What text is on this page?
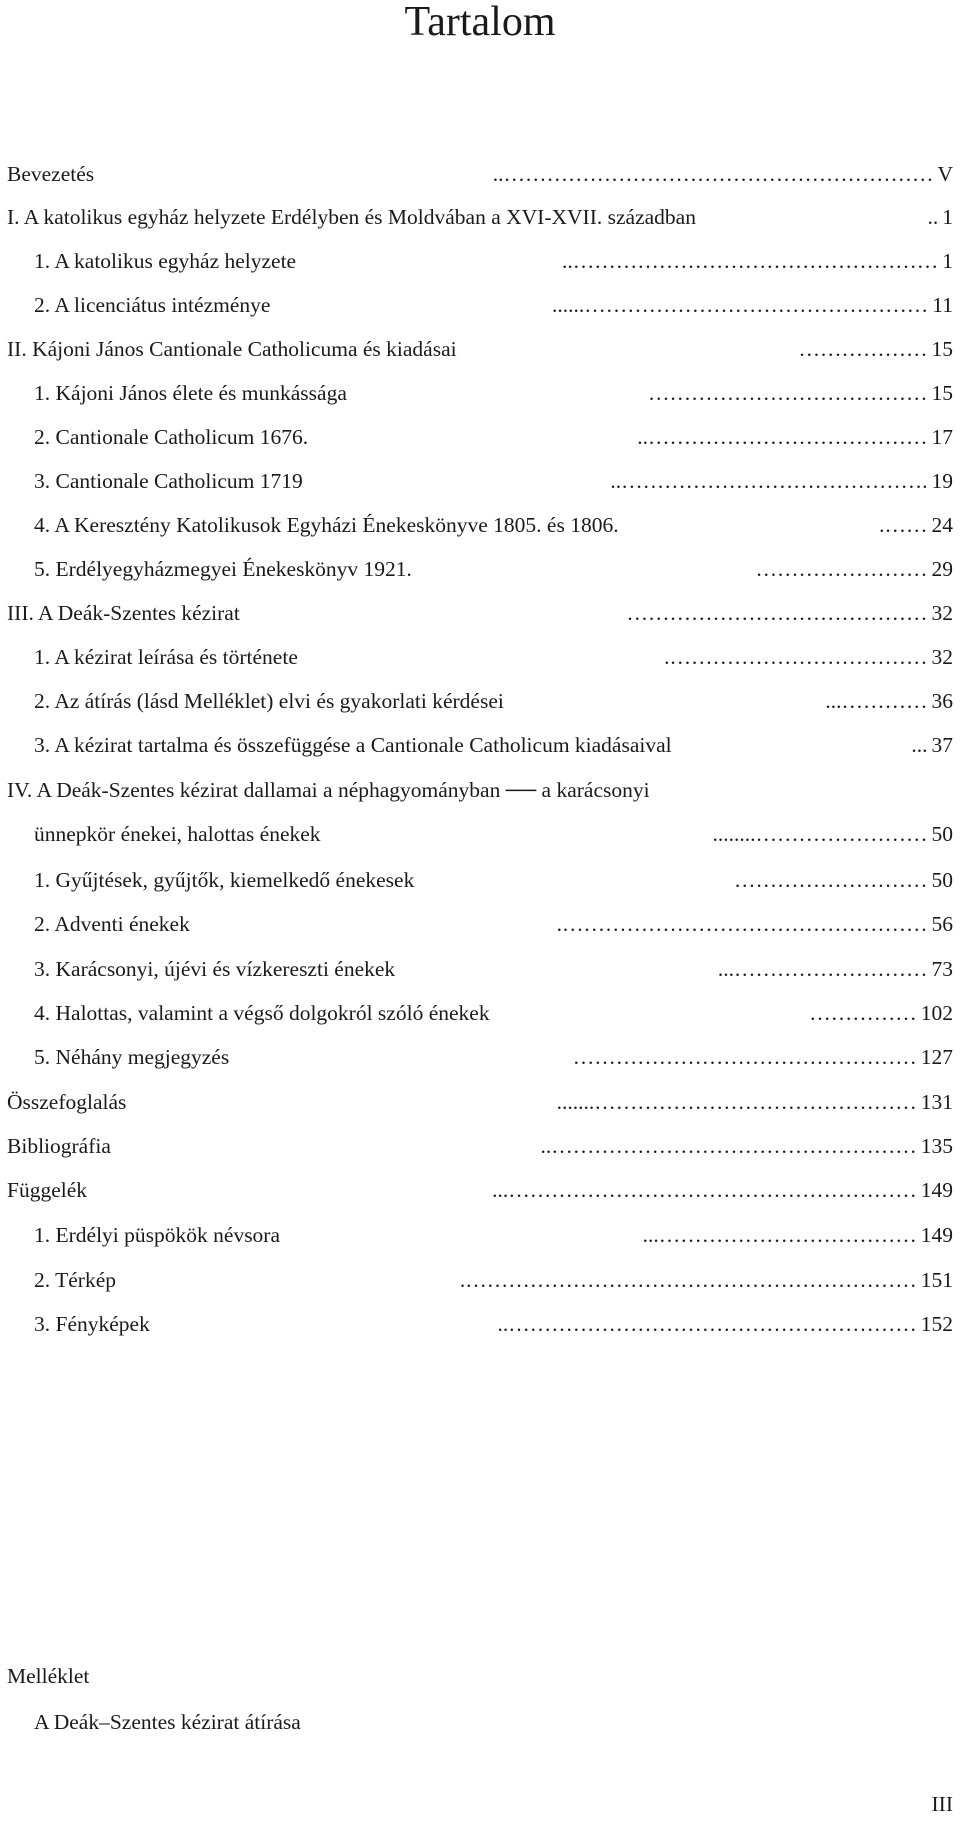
Tartalom
Bevezetés	V
……………………………………………………..
I. A katolikus egyház helyzete Erdélyben és Moldvában a XVI-XVII. században	1
..
1. A katolikus egyház helyzete	1
……………………………………………..
2. A licenciátus intézménye	11
…………………………………………......
II. Kájoni János Cantionale Catholicuma és kiadásai	15
………………
1. Kájoni János élete és munkássága	15
…………………………………
2. Cantionale Catholicum 1676.	17
…………………………………..
3. Cantionale Catholicum 1719	19
.……………………………………..
4. A Keresztény Katolikusok Egyházi Énekeskönyve 1805. és 1806.	24
…….
5. Erdélyegyházmegyei Énekeskönyv 1921.	29
……………………
III. A Deák-Szentes kézirat	32
……………………………………
1. A kézirat leírása és története	32
……………………………….
2. Az átírás (lásd Melléklet) elvi és gyakorlati kérdései	36
…………...
3. A kézirat tartalma és összefüggése a Cantionale Catholicum kiadásaival	37
...
IV. A Deák-Szentes kézirat dallamai a néphagyományban ── a karácsonyi
ünnepkör énekei, halottas énekek	50
……………………........
1. Gyűjtések, gyűjtők, kiemelkedő énekesek	50
………………………
2. Adventi énekek	56
…………………………………………….
3. Karácsonyi, újévi és vízkereszti énekek	73
………………………...
4. Halottas, valamint a végső dolgokról szóló énekek	102
……………
5. Néhány megjegyzés	127
…………………………………………
Összefoglalás	131
……………………………………….......
Bibliográfia	135
……………………………………………..
Függelék	149
…………………………………………………...
1. Erdélyi püspökök névsora	149
………………………………...
2. Térkép	151
……………………………………………………….
3. Fényképek	152
…………………………………………………..
Melléklet
A Deák–Szentes kézirat átírása
III
